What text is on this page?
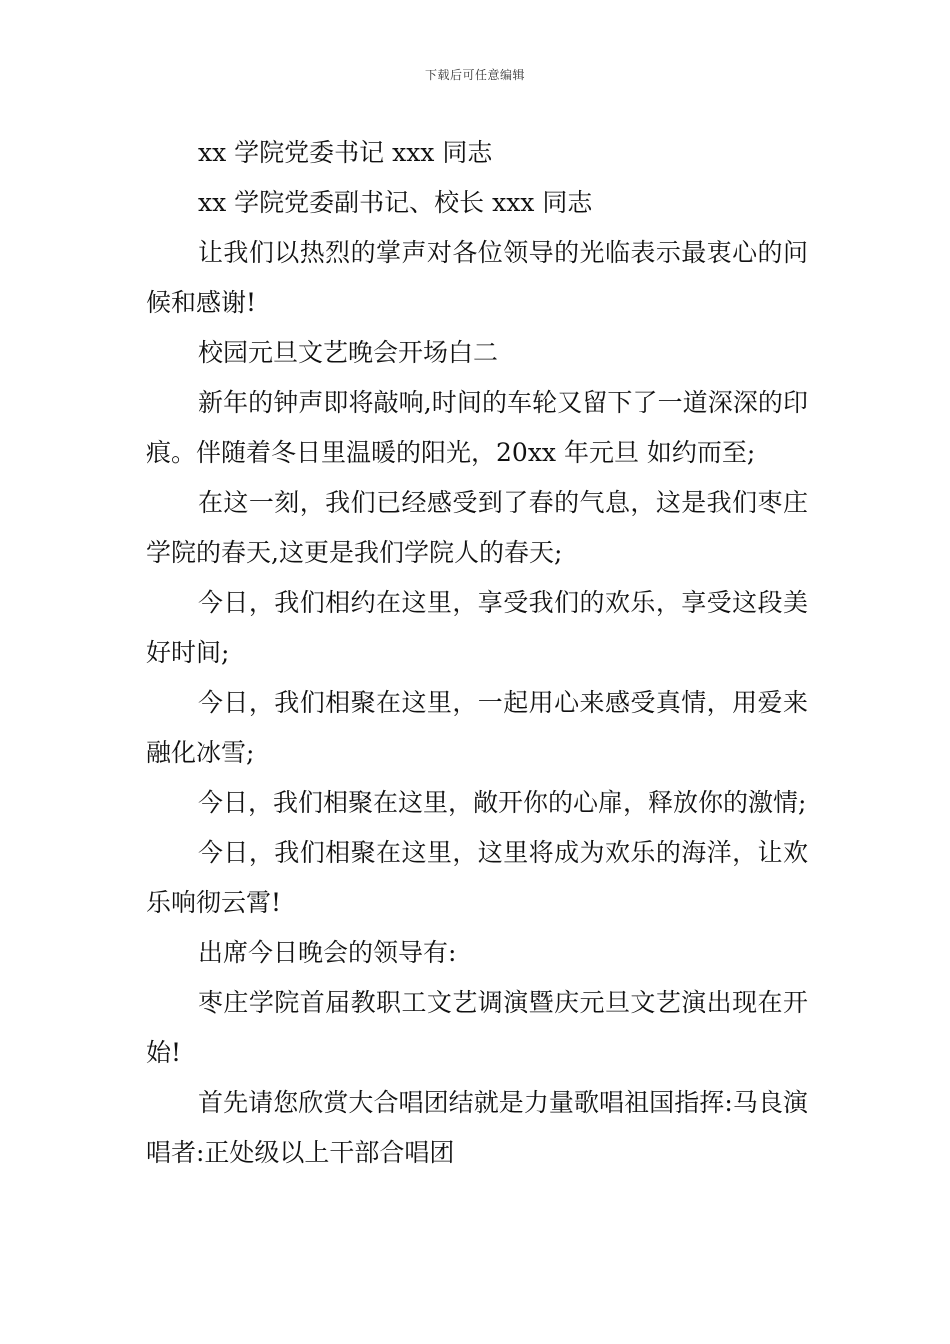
下载后可任意编辑

xx 学院党委书记 xxx 同志

xx 学院党委副书记、校长 xxx 同志

让我们以热烈的掌声对各位领导的光临表示最衷心的问候和感谢!

校园元旦文艺晚会开场白二

新年的钟声即将敲响,时间的车轮又留下了一道深深的印痕。伴随着冬日里温暖的阳光，20xx 年元旦 如约而至;

在这一刻，我们已经感受到了春的气息，这是我们枣庄学院的春天,这更是我们学院人的春天;

今日，我们相约在这里，享受我们的欢乐，享受这段美好时间;

今日，我们相聚在这里，一起用心来感受真情，用爱来融化冰雪;

今日，我们相聚在这里，敞开你的心扉，释放你的激情;

今日，我们相聚在这里，这里将成为欢乐的海洋，让欢乐响彻云霄!

出席今日晚会的领导有:

枣庄学院首届教职工文艺调演暨庆元旦文艺演出现在开始!

首先请您欣赏大合唱团结就是力量歌唱祖国指挥:马良演唱者:正处级以上干部合唱团
